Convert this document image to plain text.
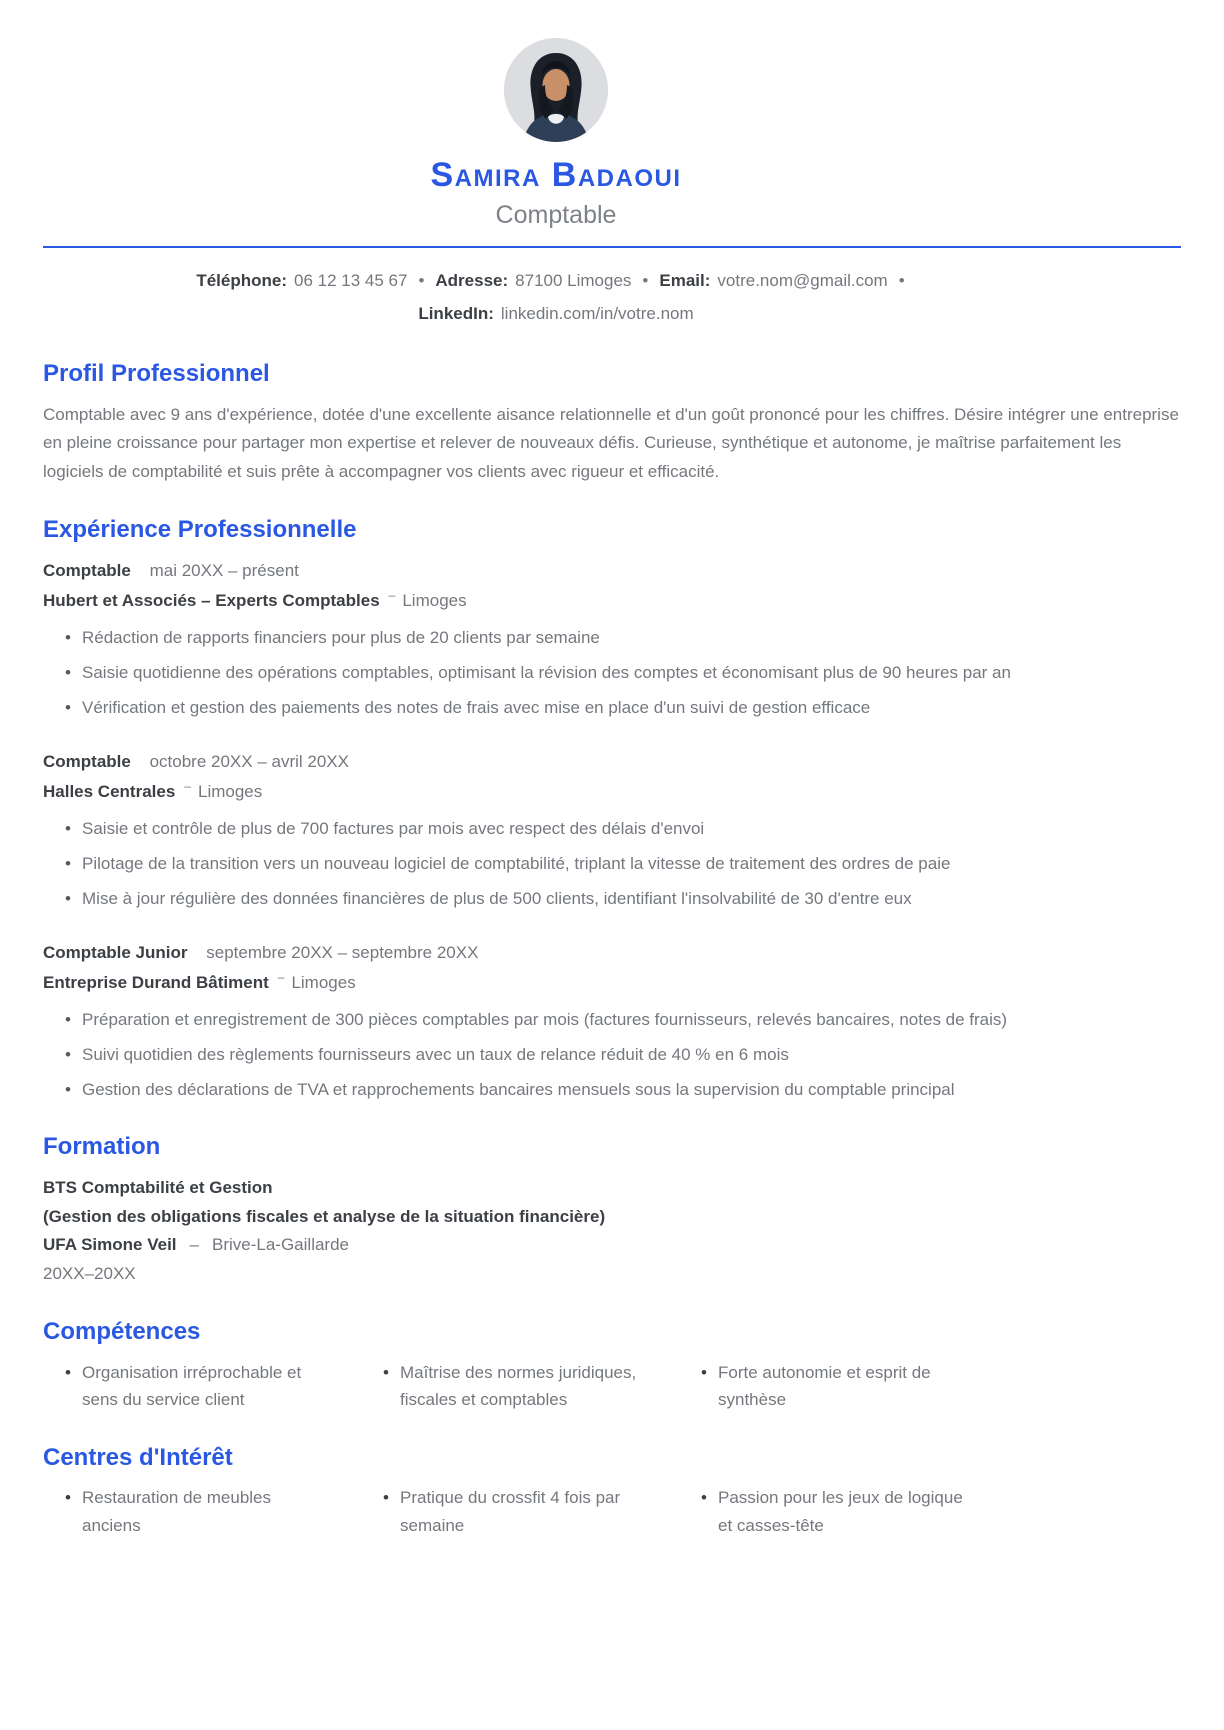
Samira Badaoui
Comptable
Téléphone: 06 12 13 45 67 • Adresse: 87100 Limoges • Email: votre.nom@gmail.com •
LinkedIn: linkedin.com/in/votre.nom
Profil Professionnel

Comptable avec 9 ans d'expérience, dotée d'une excellente aisance relationnelle et d'un goût prononcé pour les chiffres. Désire intégrer une entreprise en pleine croissance pour partager mon expertise et relever de nouveaux défis. Curieuse, synthétique et autonome, je maîtrise parfaitement les logiciels de comptabilité et suis prête à accompagner vos clients avec rigueur et efficacité.

Expérience Professionnelle
Comptable mai 20XX – présent
Hubert et Associés – Experts Comptables – Limoges
• Rédaction de rapports financiers pour plus de 20 clients par semaine
• Saisie quotidienne des opérations comptables, optimisant la révision des comptes et économisant plus de 90 heures par an
• Vérification et gestion des paiements des notes de frais avec mise en place d'un suivi de gestion efficace
Comptable octobre 20XX – avril 20XX
Halles Centrales – Limoges
• Saisie et contrôle de plus de 700 factures par mois avec respect des délais d'envoi
• Pilotage de la transition vers un nouveau logiciel de comptabilité, triplant la vitesse de traitement des ordres de paie
• Mise à jour régulière des données financières de plus de 500 clients, identifiant l'insolvabilité de 30 d'entre eux
Comptable Junior septembre 20XX – septembre 20XX
Entreprise Durand Bâtiment – Limoges
• Préparation et enregistrement de 300 pièces comptables par mois (factures fournisseurs, relevés bancaires, notes de frais)
• Suivi quotidien des règlements fournisseurs avec un taux de relance réduit de 40 % en 6 mois
• Gestion des déclarations de TVA et rapprochements bancaires mensuels sous la supervision du comptable principal
Formation
BTS Comptabilité et Gestion
(Gestion des obligations fiscales et analyse de la situation financière)
UFA Simone Veil – Brive-La-Gaillarde
20XX–20XX
Compétences
• Organisation irréprochable et sens du service client
• Maîtrise des normes juridiques, fiscales et comptables
• Forte autonomie et esprit de synthèse
Centres d'Intérêt
• Restauration de meubles anciens
• Pratique du crossfit 4 fois par semaine
• Passion pour les jeux de logique et casses-tête
